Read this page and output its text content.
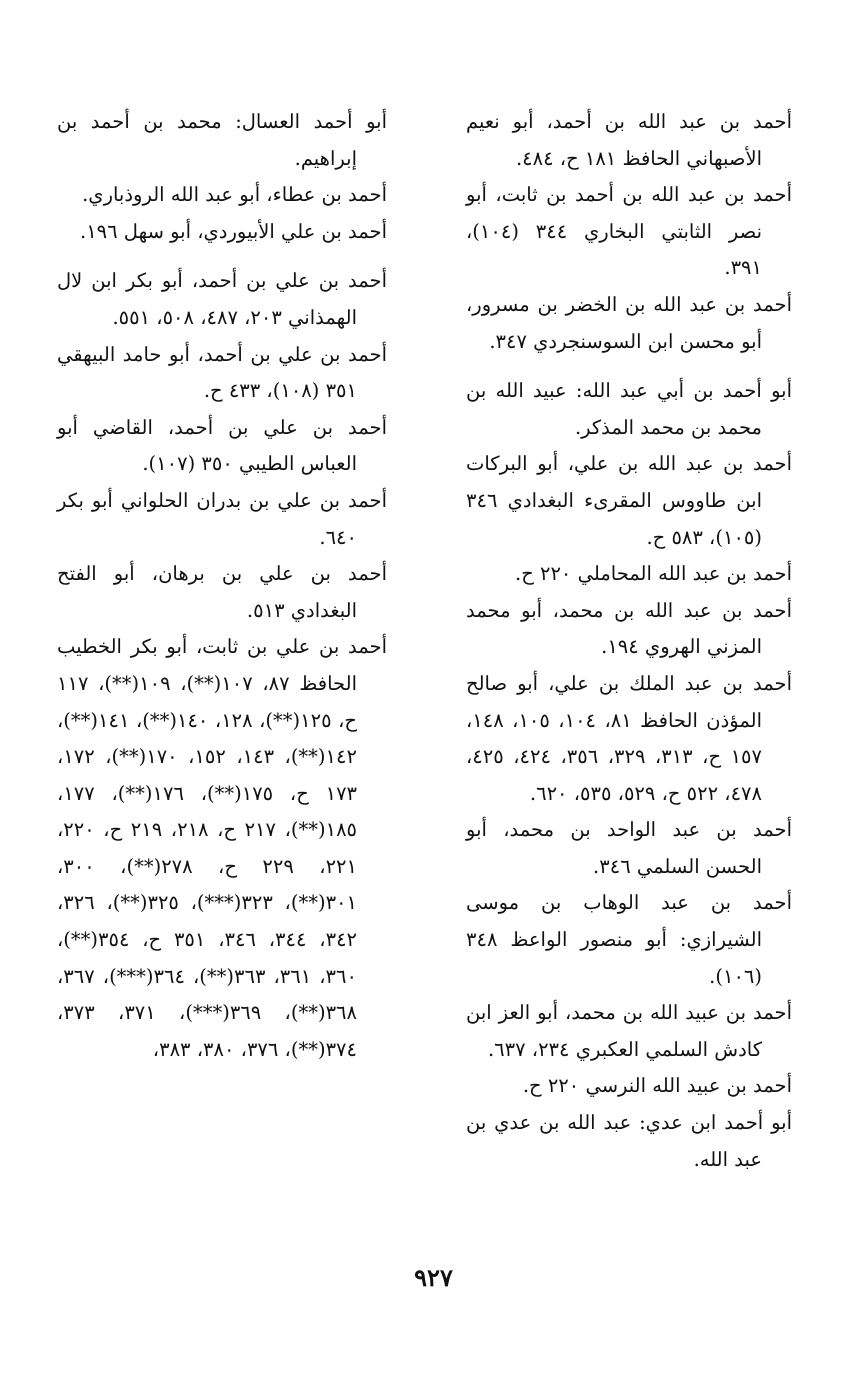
أحمد بن عبد الله بن أحمد، أبو نعيم الأصبهاني الحافظ ١٨١ ح، ٤٨٤.

أحمد بن عبد الله بن أحمد بن ثابت، أبو نصر الثابتي البخاري ٣٤٤ (١٠٤)، ٣٩١.

أحمد بن عبد الله بن الخضر بن مسرور، أبو محسن ابن السوسنجردي ٣٤٧.

أبو أحمد بن أبي عبد الله: عبيد الله بن محمد بن محمد المذكر.

أحمد بن عبد الله بن علي، أبو البركات ابن طاووس المقرىء البغدادي ٣٤٦ (١٠٥)، ٥٨٣ ح.

أحمد بن عبد الله المحاملي ٢٢٠ ح.

أحمد بن عبد الله بن محمد، أبو محمد المزني الهروي ١٩٤.

أحمد بن عبد الملك بن علي، أبو صالح المؤذن الحافظ ٨١، ١٠٤، ١٠٥، ١٤٨، ١٥٧ ح، ٣١٣، ٣٢٩، ٣٥٦، ٤٢٤، ٤٢٥، ٤٧٨، ٥٢٢ ح، ٥٢٩، ٥٣٥، ٦٢٠.

أحمد بن عبد الواحد بن محمد، أبو الحسن السلمي ٣٤٦.

أحمد بن عبد الوهاب بن موسى الشيرازي: أبو منصور الواعظ ٣٤٨ (١٠٦).

أحمد بن عبيد الله بن محمد، أبو العز ابن كادش السلمي العكبري ٢٣٤، ٦٣٧.

أحمد بن عبيد الله النرسي ٢٢٠ ح.

أبو أحمد ابن عدي: عبد الله بن عدي بن عبد الله.

أبو أحمد العسال: محمد بن أحمد بن إبراهيم.

أحمد بن عطاء، أبو عبد الله الروذباري.

أحمد بن علي الأبيوردي، أبو سهل ١٩٦.

أحمد بن علي بن أحمد، أبو بكر ابن لال الهمذاني ٢٠٣، ٤٨٧، ٥٠٨، ٥٥١.

أحمد بن علي بن أحمد، أبو حامد البيهقي ٣٥١ (١٠٨)، ٤٣٣ ح.

أحمد بن علي بن أحمد، القاضي أبو العباس الطيبي ٣٥٠ (١٠٧).

أحمد بن علي بن بدران الحلواني أبو بكر ٦٤٠.

أحمد بن علي بن برهان، أبو الفتح البغدادي ٥١٣.

أحمد بن علي بن ثابت، أبو بكر الخطيب الحافظ ٨٧، ١٠٧(**)، ١٠٩(**)، ١١٧ ح، ١٢٥(**)، ١٢٨، ١٤٠(**)، ١٤١(**)، ١٤٢(**)، ١٤٣، ١٥٢، ١٧٠(**)، ١٧٢، ١٧٣ ح، ١٧٥(**)، ١٧٦(**)، ١٧٧، ١٨٥(**)، ٢١٧ ح، ٢١٨، ٢١٩ ح، ٢٢٠، ٢٢١، ٢٢٩ ح، ٢٧٨(**)، ٣٠٠، ٣٠١(**)، ٣٢٣(***)، ٣٢٥(**)، ٣٢٦، ٣٤٢، ٣٤٤، ٣٤٦، ٣٥١ ح، ٣٥٤(**)، ٣٦٠، ٣٦١، ٣٦٣(**)، ٣٦٤(***)، ٣٦٧، ٣٦٨(**)، ٣٦٩(***)، ٣٧١، ٣٧٣، ٣٧٤(**)، ٣٧٦، ٣٨٠، ٣٨٣،

٩٢٧
